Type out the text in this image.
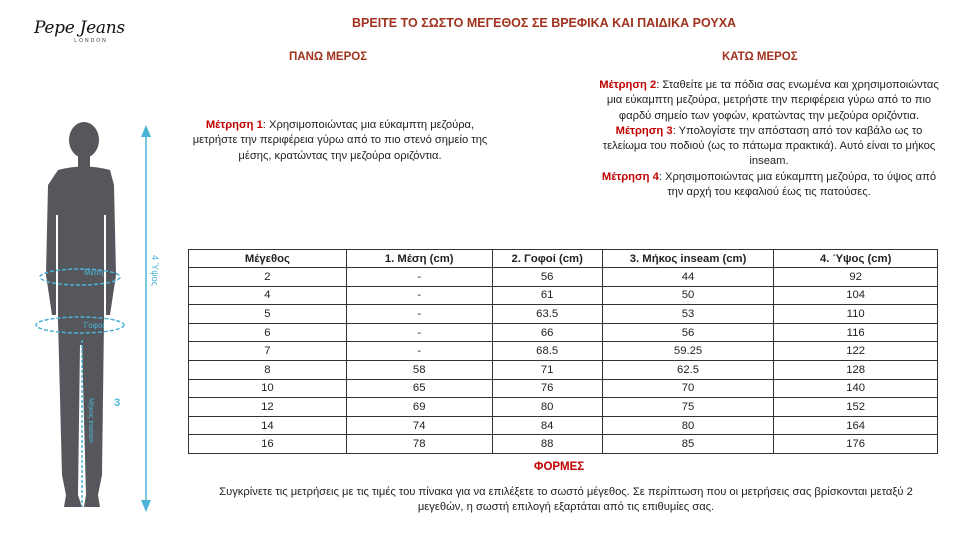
Pepe Jeans
LONDON
ΒΡΕΙΤΕ ΤΟ ΣΩΣΤΟ ΜΕΓΕΘΟΣ ΣΕ ΒΡΕΦΙΚΑ ΚΑΙ ΠΑΙΔΙΚΑ ΡΟΥΧΑ
ΠΑΝΩ ΜΕΡΟΣ	ΚΑΤΩ ΜΕΡΟΣ
Μέτρηση 1: Χρησιμοποιώντας μια εύκαμπτη μεζούρα, μετρήστε την περιφέρεια γύρω από το πιο στενό σημείο της μέσης, κρατώντας την μεζούρα οριζόντια.
Μέτρηση 2: Σταθείτε με τα πόδια σας ενωμένα και χρησιμοποιώντας μια εύκαμπτη μεζούρα, μετρήστε την περιφέρεια γύρω από το πιο φαρδύ σημείο των γοφών, κρατώντας την μεζούρα οριζόντια.
Μέτρηση 3: Υπολογίστε την απόσταση από τον καβάλο ως το τελείωμα του ποδιού (ως το πάτωμα πρακτικά). Αυτό είναι το μήκος inseam.
Μέτρηση 4: Χρησιμοποιώντας μια εύκαμπτη μεζούρα, το ύψος από την αρχή του κεφαλιού έως τις πατούσες.
Μέση
Γοφοί
Μήκος inseam 3
4 Ύψος	Μέγεθος	1. Μέση (cm)	2. Γοφοί (cm)	3. Μήκος inseam (cm)	4. Ύψος (cm)
2	-	56	44	92
4	-	61	50	104
5	-	63.5	53	110
6	-	66	56	116
7	-	68.5	59.25	122
8	58	71	62.5	128
10	65	76	70	140
12	69	80	75	152
14	74	84	80	164
16	78	88	85	176
ΦΟΡΜΕΣ
Συγκρίνετε τις μετρήσεις με τις τιμές του πίνακα για να επιλέξετε το σωστό μέγεθος. Σε περίπτωση που οι μετρήσεις σας βρίσκονται μεταξύ 2 μεγεθών, η σωστή επιλογή εξαρτάται από τις επιθυμίες σας.
